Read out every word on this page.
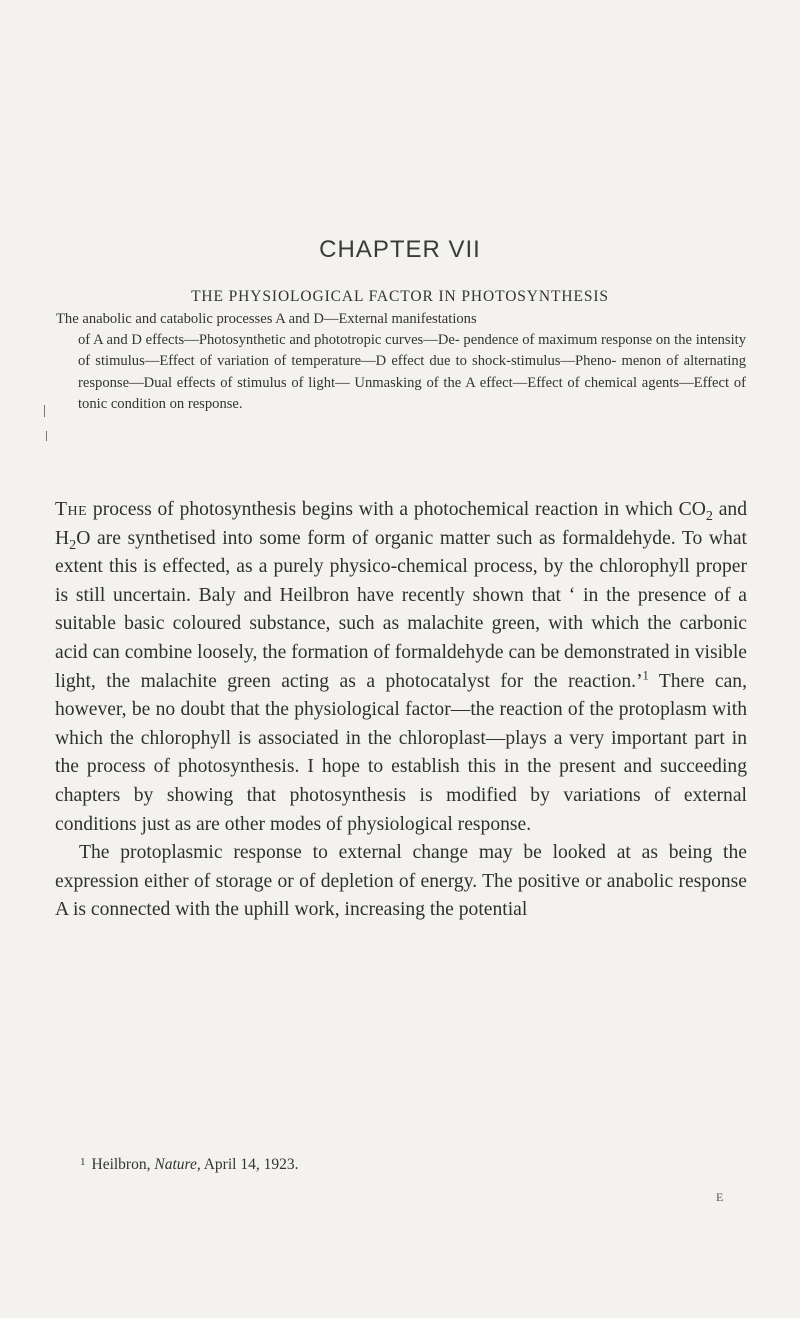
CHAPTER VII
THE PHYSIOLOGICAL FACTOR IN PHOTOSYNTHESIS
The anabolic and catabolic processes A and D—External manifestations
of A and D effects—Photosynthetic and phototropic curves—De- pendence of maximum response on the intensity of stimulus—Effect of variation of temperature—D effect due to shock-stimulus—Pheno- menon of alternating response—Dual effects of stimulus of light— Unmasking of the A effect—Effect of chemical agents—Effect of tonic condition on response.

The process of photosynthesis begins with a photochemical reaction in which $CO_2$ and $H_2O$ are synthetised into some form of organic matter such as formaldehyde. To what extent this is effected, as a purely physico-chemical process, by the chlorophyll proper is still uncertain. Baly and Heilbron have recently shown that ‘ in the presence of a suitable basic coloured substance, such as malachite green, with which the carbonic acid can combine loosely, the formation of formaldehyde can be demonstrated in visible light, the malachite green acting as a photocatalyst for the reaction.’$^1$ There can, however, be no doubt that the physiological factor—the reaction of the protoplasm with which the chlorophyll is associated in the chloroplast—plays a very important part in the process of photosynthesis. I hope to establish this in the present and succeeding chapters by showing that photosynthesis is modified by variations of external conditions just as are other modes of physiological response.

The protoplasmic response to external change may be looked at as being the expression either of storage or of depletion of energy. The positive or anabolic response A is connected with the uphill work, increasing the potential

$^1$ Heilbron, Nature, April 14, 1923.
E
